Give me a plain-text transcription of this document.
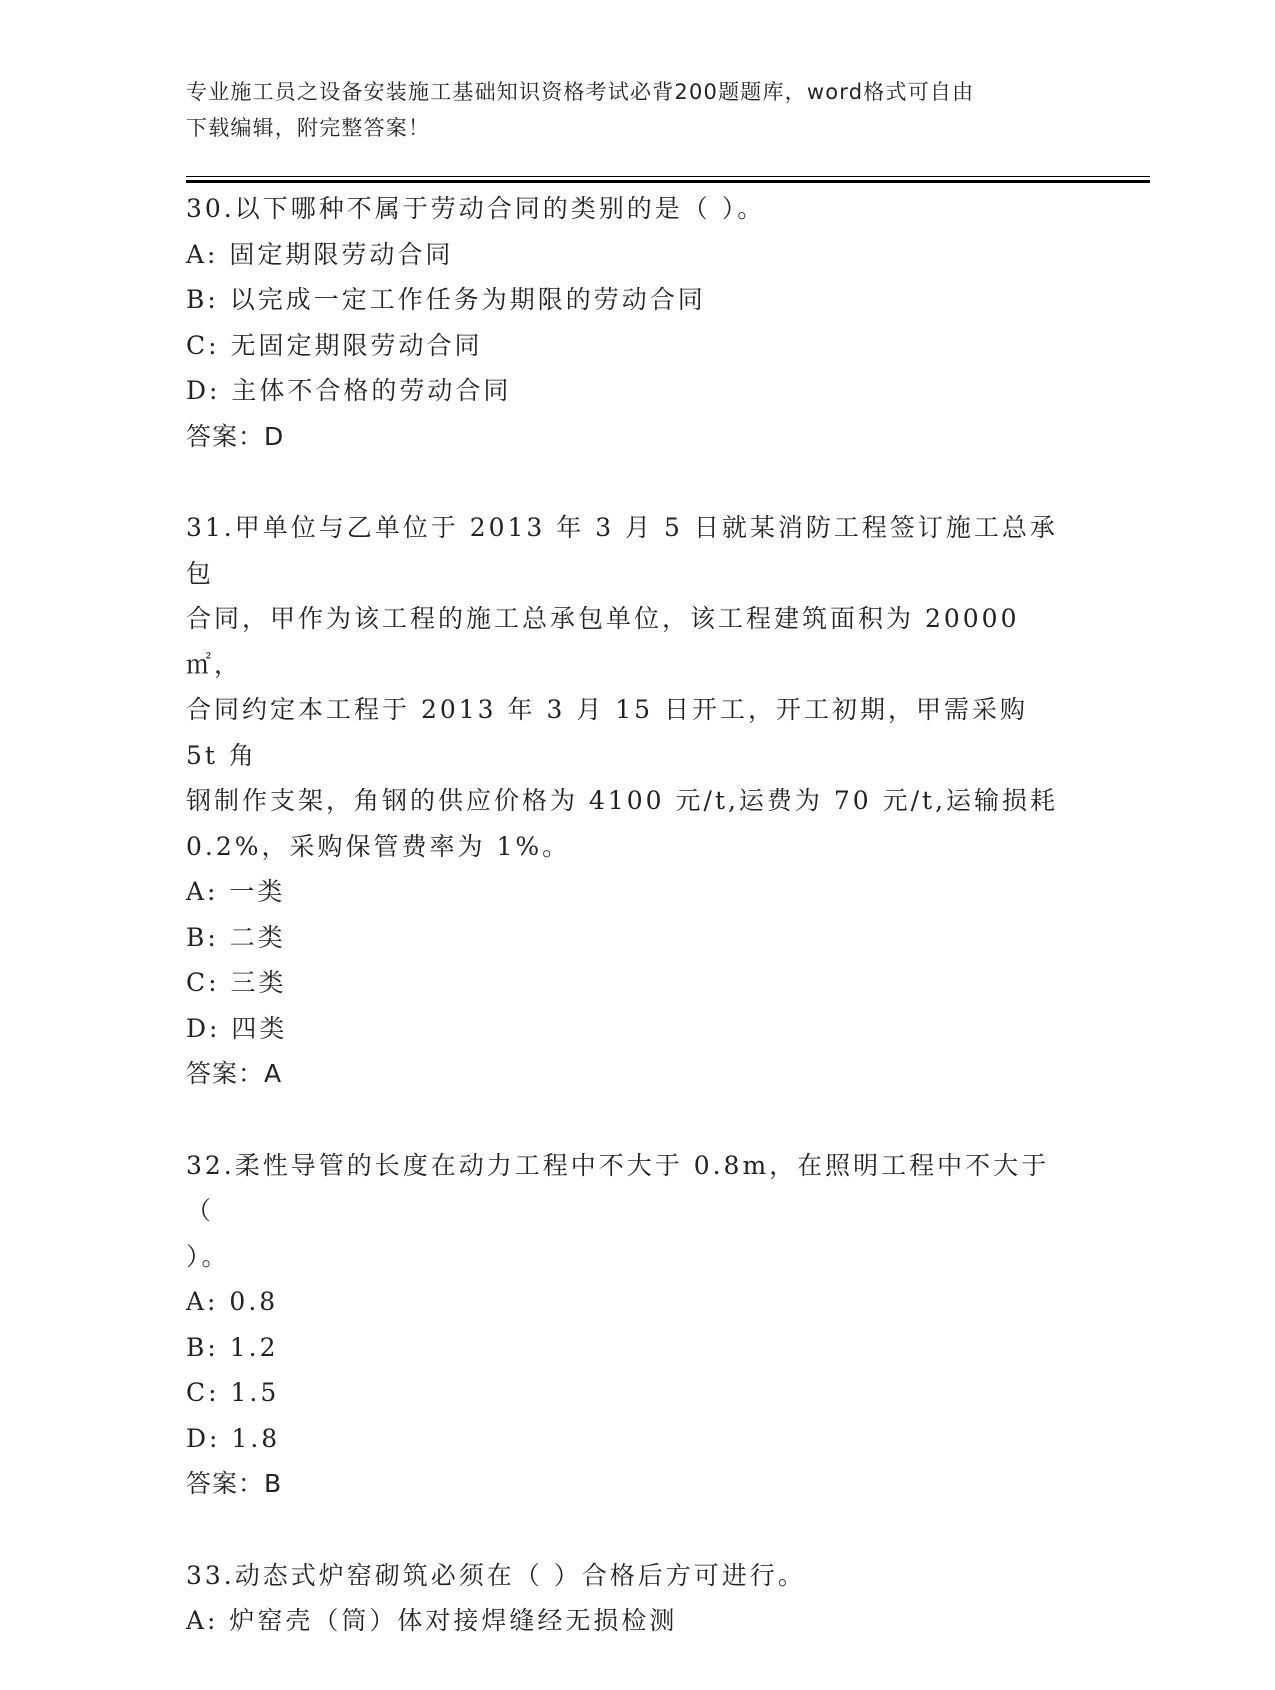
专业施工员之设备安装施工基础知识资格考试必背200题题库，word格式可自由
下载编辑，附完整答案！
30.以下哪种不属于劳动合同的类别的是（ ）。
A: 固定期限劳动合同
B: 以完成一定工作任务为期限的劳动合同
C: 无固定期限劳动合同
D: 主体不合格的劳动合同
答案：D
31.甲单位与乙单位于 2013 年 3 月 5 日就某消防工程签订施工总承包
合同，甲作为该工程的施工总承包单位，该工程建筑面积为 20000㎡，
合同约定本工程于 2013 年 3 月 15 日开工，开工初期，甲需采购 5t 角
钢制作支架，角钢的供应价格为 4100 元/t,运费为 70 元/t,运输损耗
0.2%，采购保管费率为 1%。
A: 一类
B: 二类
C: 三类
D: 四类
答案：A
32.柔性导管的长度在动力工程中不大于 0.8m，在照明工程中不大于（
）。
A: 0.8
B: 1.2
C: 1.5
D: 1.8
答案：B
33.动态式炉窑砌筑必须在（ ）合格后方可进行。
A: 炉窑壳（筒）体对接焊缝经无损检测
